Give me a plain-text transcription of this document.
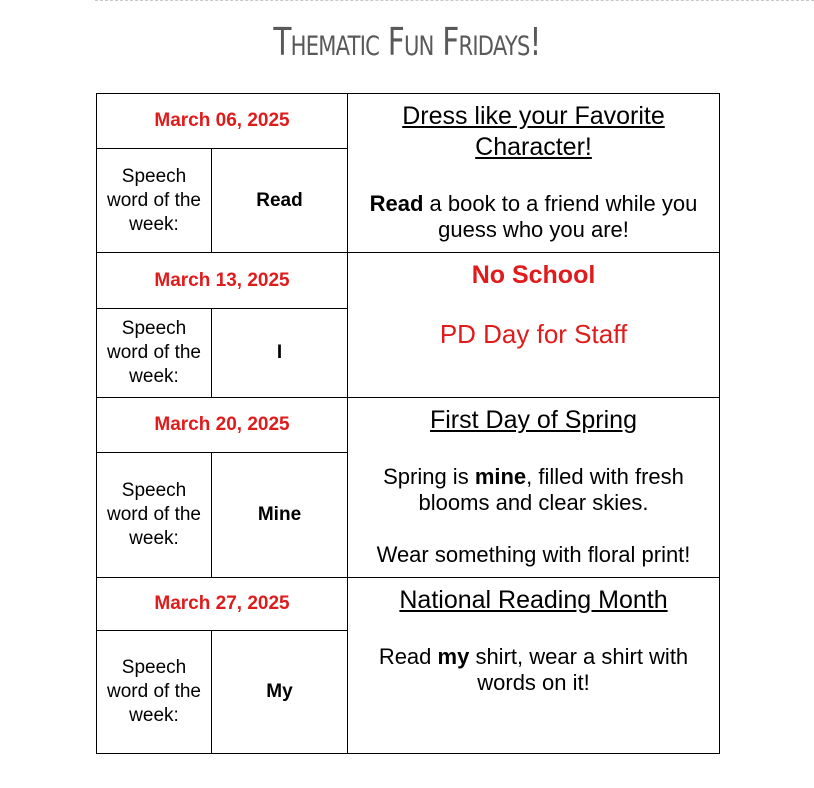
Thematic Fun Fridays!
March 06, 2025
Speech word of the week:
Read
Dress like your Favorite Character!
Read a book to a friend while you guess who you are!
March 13, 2025
Speech word of the week:
I
No School
PD Day for Staff
March 20, 2025
Speech word of the week:
Mine
First Day of Spring
Spring is mine, filled with fresh blooms and clear skies.
Wear something with floral print!
March 27, 2025
Speech word of the week:
My
National Reading Month
Read my shirt, wear a shirt with words on it!
